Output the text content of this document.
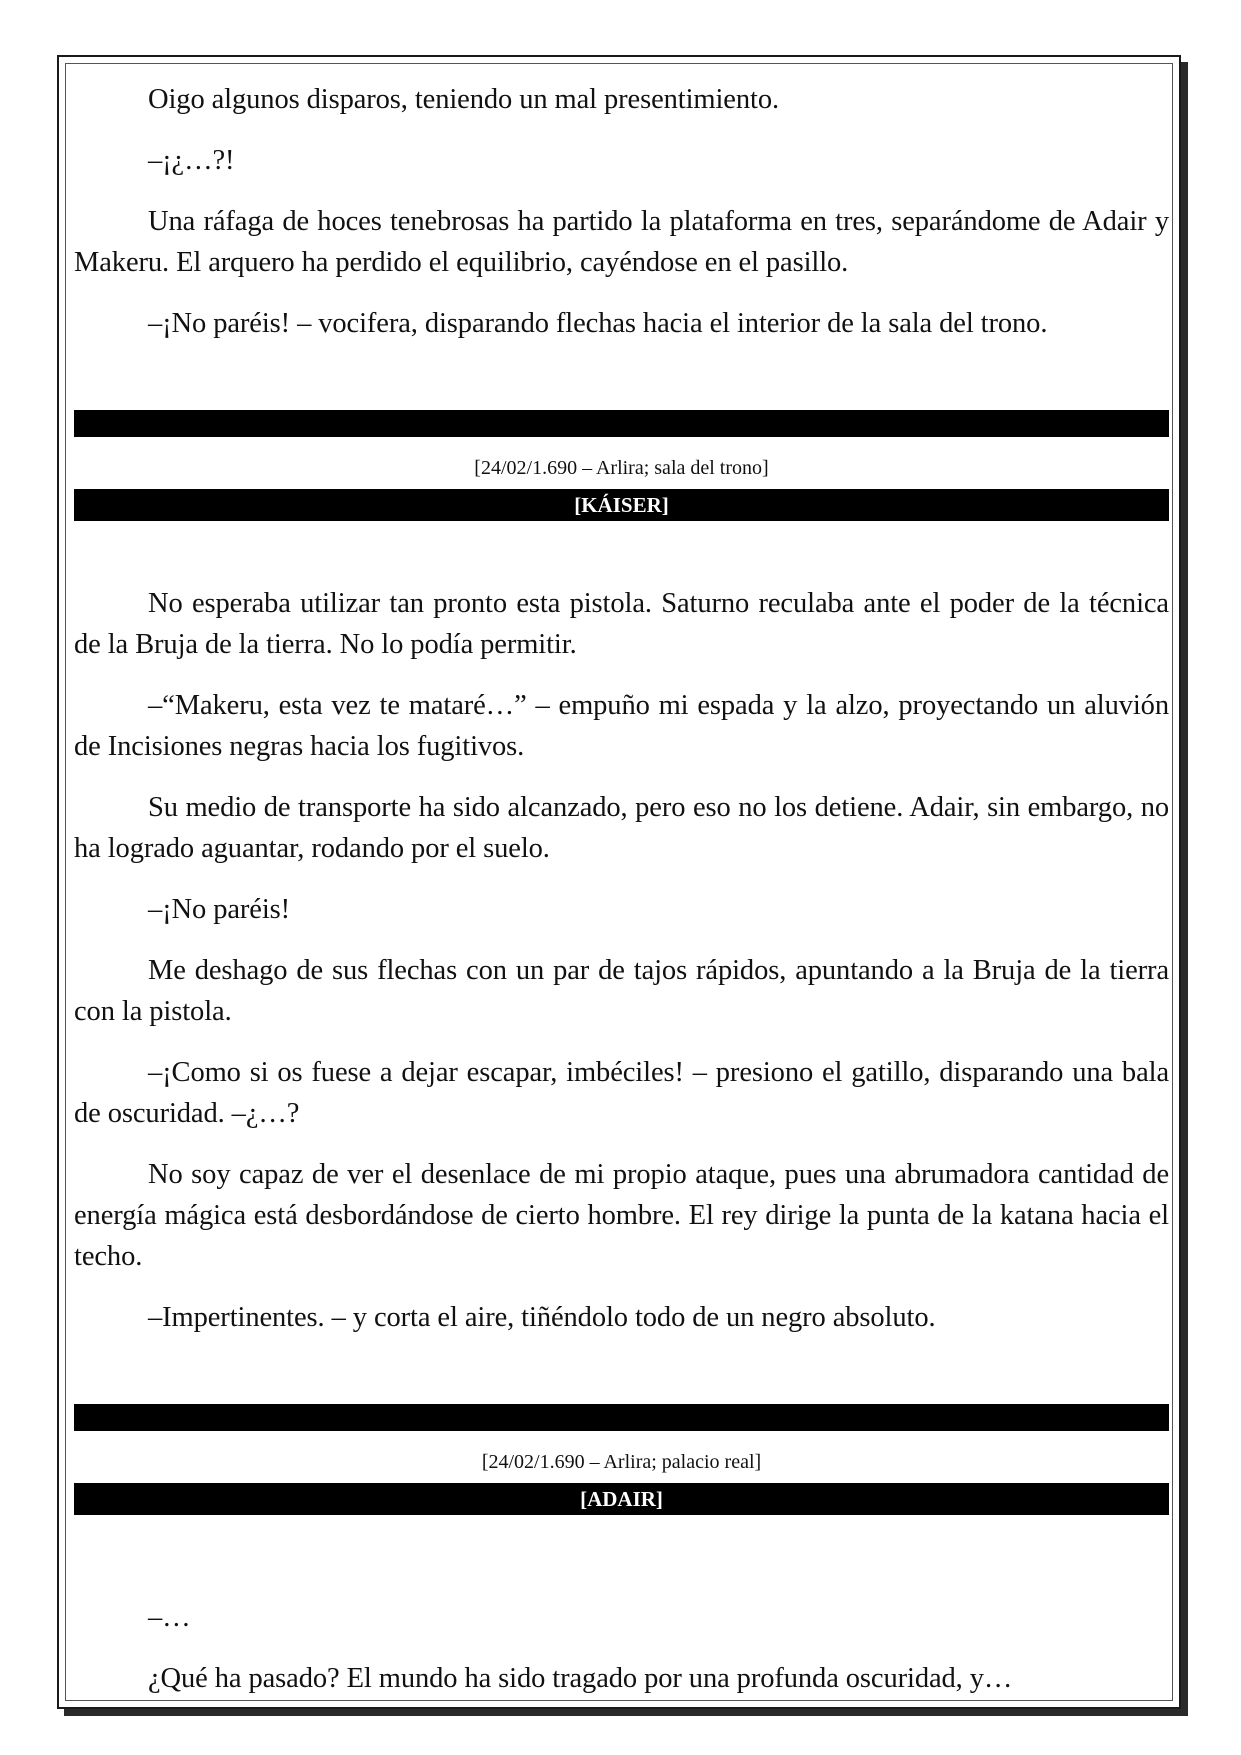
Oigo algunos disparos, teniendo un mal presentimiento.

–¡¿…?!

Una ráfaga de hoces tenebrosas ha partido la plataforma en tres, separándome de Adair y Makeru. El arquero ha perdido el equilibrio, cayéndose en el pasillo.

–¡No paréis! – vocifera, disparando flechas hacia el interior de la sala del trono.

[24/02/1.690 – Arlira; sala del trono]
[KÁISER]

No esperaba utilizar tan pronto esta pistola. Saturno reculaba ante el poder de la técnica de la Bruja de la tierra. No lo podía permitir.

–“Makeru, esta vez te mataré…” – empuño mi espada y la alzo, proyectando un aluvión de Incisiones negras hacia los fugitivos.

Su medio de transporte ha sido alcanzado, pero eso no los detiene. Adair, sin embargo, no ha logrado aguantar, rodando por el suelo.

–¡No paréis!

Me deshago de sus flechas con un par de tajos rápidos, apuntando a la Bruja de la tierra con la pistola.

–¡Como si os fuese a dejar escapar, imbéciles! – presiono el gatillo, disparando una bala de oscuridad. –¿…?

No soy capaz de ver el desenlace de mi propio ataque, pues una abrumadora cantidad de energía mágica está desbordándose de cierto hombre. El rey dirige la punta de la katana hacia el techo.

–Impertinentes. – y corta el aire, tiñéndolo todo de un negro absoluto.

[24/02/1.690 – Arlira; palacio real]
[ADAIR]

–…

¿Qué ha pasado? El mundo ha sido tragado por una profunda oscuridad, y…
